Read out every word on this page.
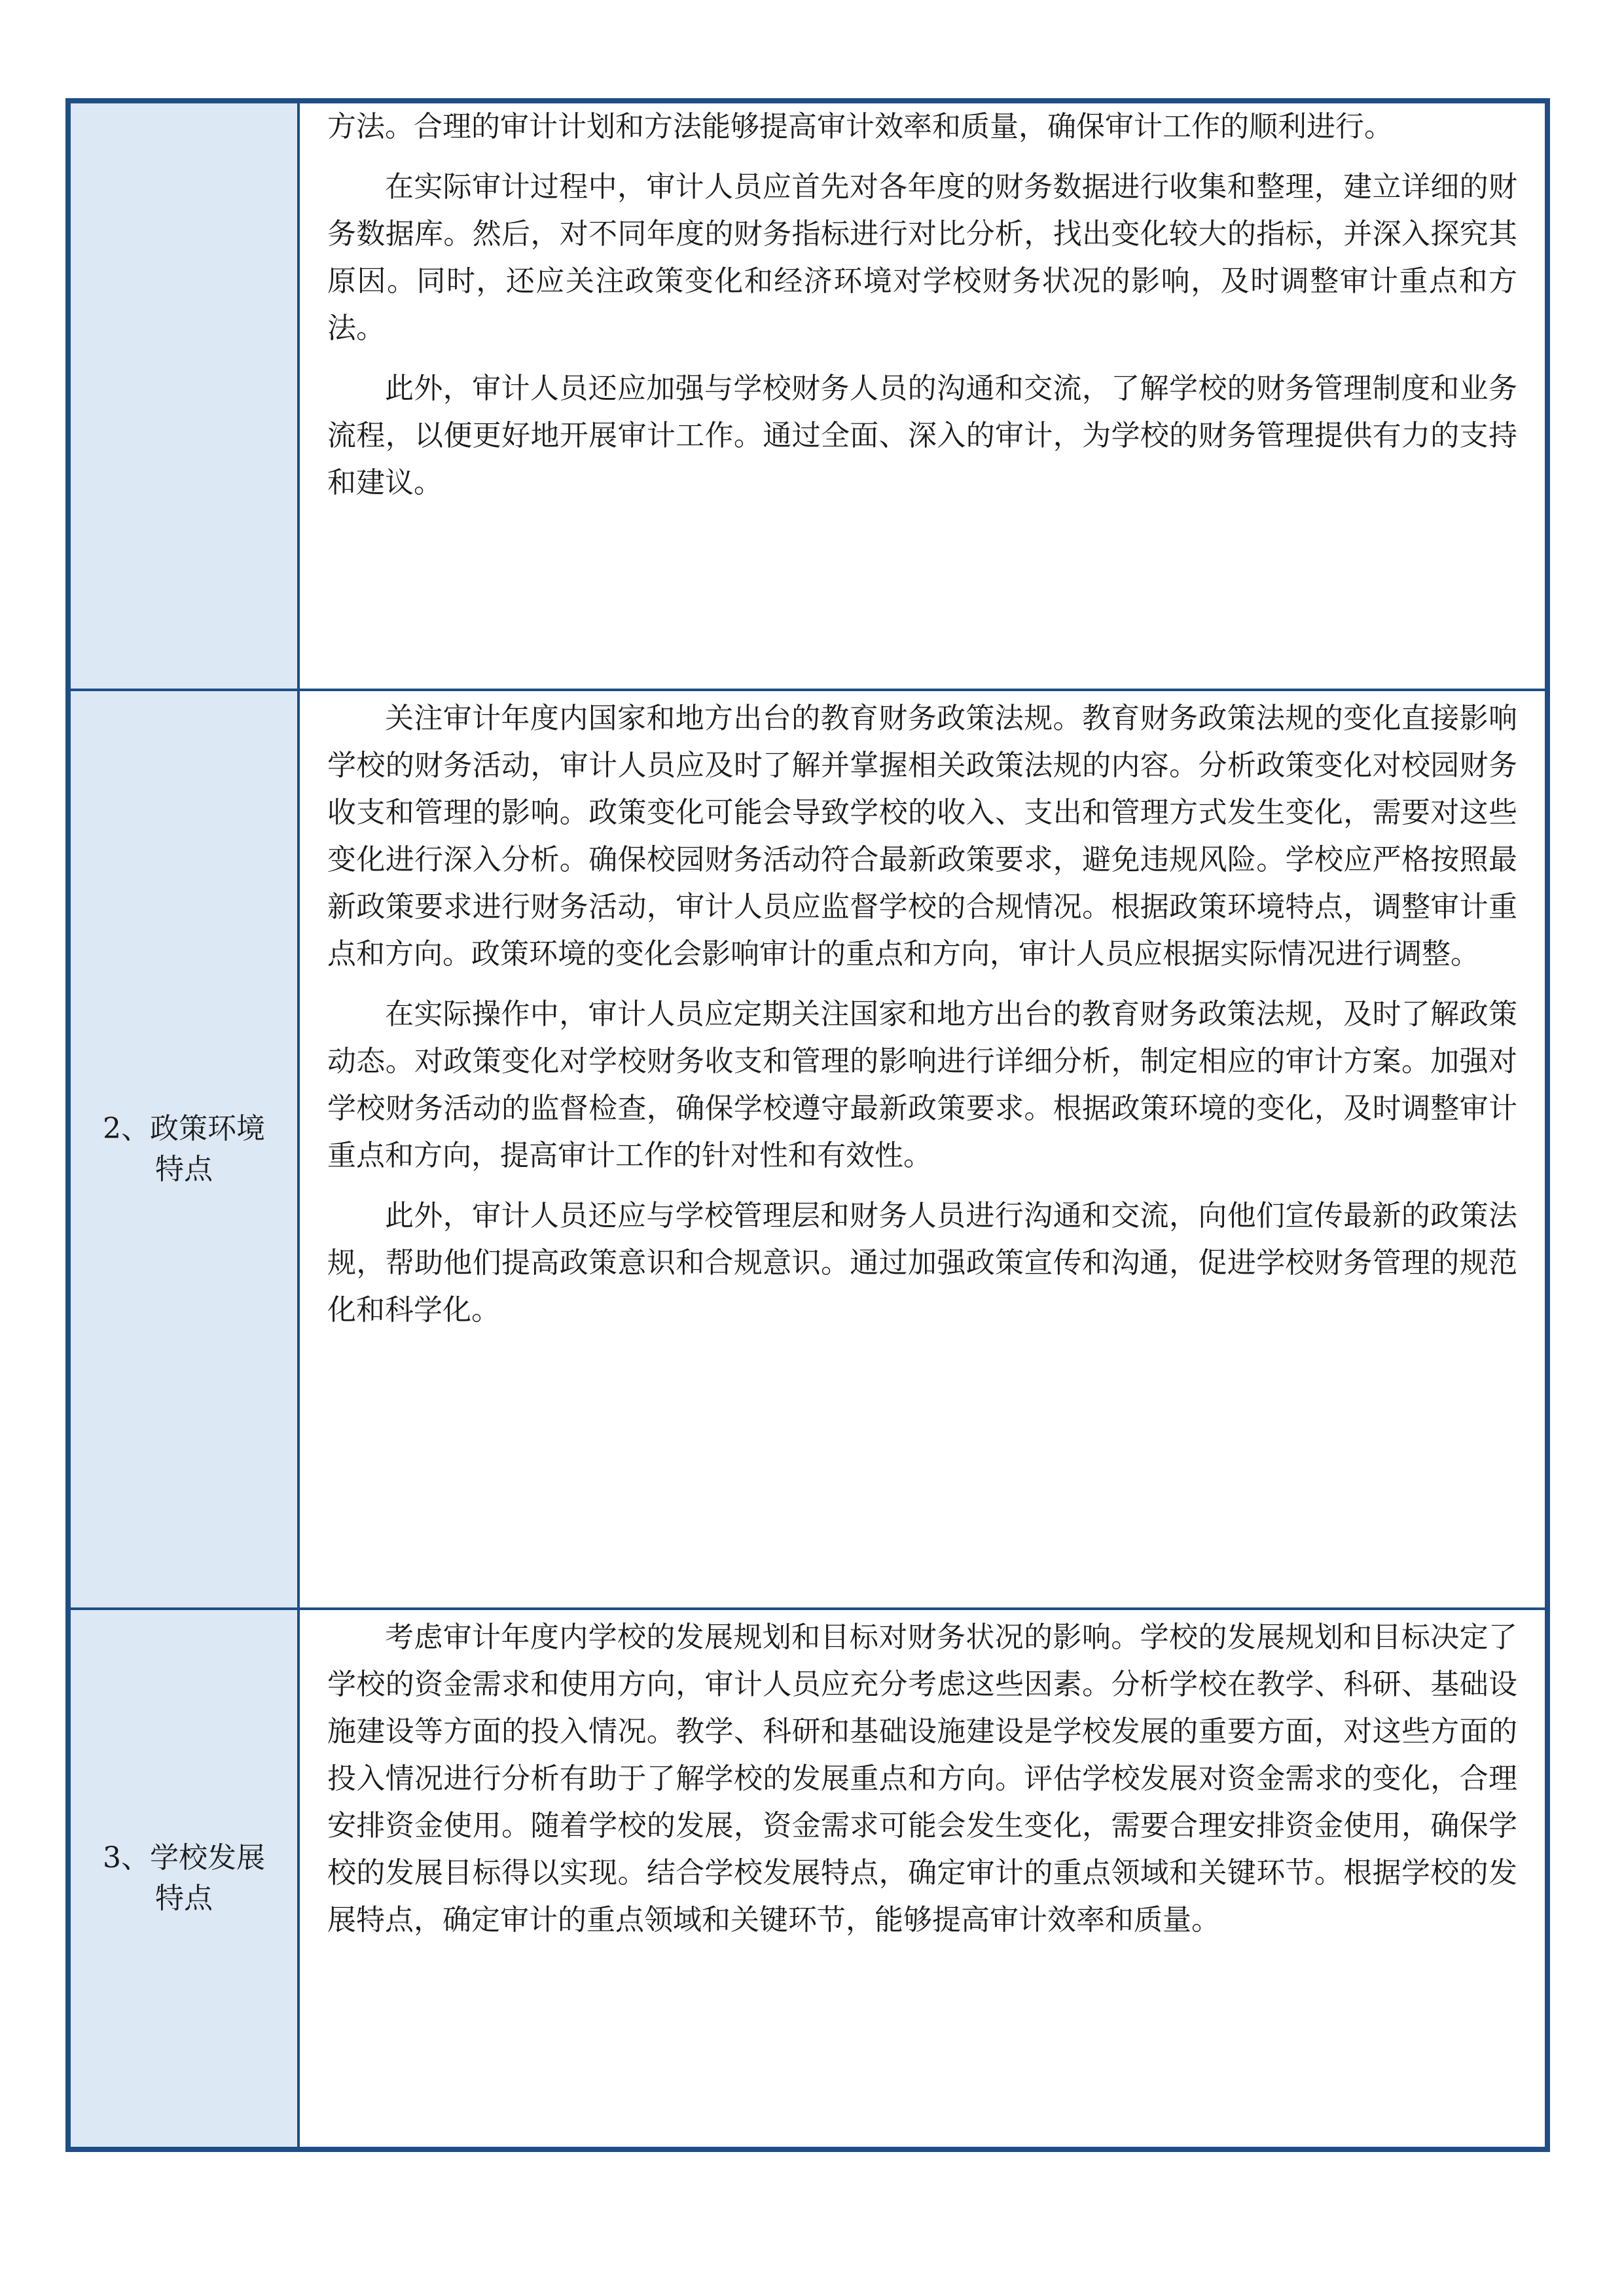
	方法。合理的审计计划和方法能够提高审计效率和质量，确保审计工作的顺利进行。

在实际审计过程中，审计人员应首先对各年度的财务数据进行收集和整理，建立详细的财务数据库。然后，对不同年度的财务指标进行对比分析，找出变化较大的指标，并深入探究其原因。同时，还应关注政策变化和经济环境对学校财务状况的影响，及时调整审计重点和方法。

此外，审计人员还应加强与学校财务人员的沟通和交流，了解学校的财务管理制度和业务流程，以便更好地开展审计工作。通过全面、深入的审计，为学校的财务管理提供有力的支持和建议。

2、政策环境特点	关注审计年度内国家和地方出台的教育财务政策法规。教育财务政策法规的变化直接影响学校的财务活动，审计人员应及时了解并掌握相关政策法规的内容。分析政策变化对校园财务收支和管理的影响。政策变化可能会导致学校的收入、支出和管理方式发生变化，需要对这些变化进行深入分析。确保校园财务活动符合最新政策要求，避免违规风险。学校应严格按照最新政策要求进行财务活动，审计人员应监督学校的合规情况。根据政策环境特点，调整审计重点和方向。政策环境的变化会影响审计的重点和方向，审计人员应根据实际情况进行调整。

在实际操作中，审计人员应定期关注国家和地方出台的教育财务政策法规，及时了解政策动态。对政策变化对学校财务收支和管理的影响进行详细分析，制定相应的审计方案。加强对学校财务活动的监督检查，确保学校遵守最新政策要求。根据政策环境的变化，及时调整审计重点和方向，提高审计工作的针对性和有效性。

此外，审计人员还应与学校管理层和财务人员进行沟通和交流，向他们宣传最新的政策法规，帮助他们提高政策意识和合规意识。通过加强政策宣传和沟通，促进学校财务管理的规范化和科学化。

3、学校发展特点	考虑审计年度内学校的发展规划和目标对财务状况的影响。学校的发展规划和目标决定了学校的资金需求和使用方向，审计人员应充分考虑这些因素。分析学校在教学、科研、基础设施建设等方面的投入情况。教学、科研和基础设施建设是学校发展的重要方面，对这些方面的投入情况进行分析有助于了解学校的发展重点和方向。评估学校发展对资金需求的变化，合理安排资金使用。随着学校的发展，资金需求可能会发生变化，需要合理安排资金使用，确保学校的发展目标得以实现。结合学校发展特点，确定审计的重点领域和关键环节。根据学校的发展特点，确定审计的重点领域和关键环节，能够提高审计效率和质量。
